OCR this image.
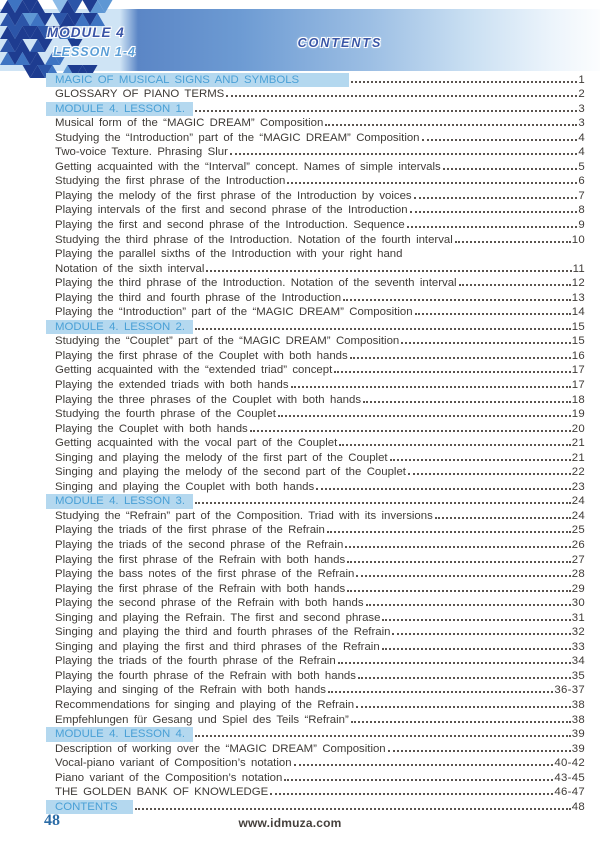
MODULE 4
LESSON 1-4
CONTENTS
MAGIC OF MUSICAL SIGNS AND SYMBOLS	1
GLOSSARY OF PIANO TERMS	2
MODULE 4. LESSON 1.	3
Musical form of the “MAGIC DREAM” Composition	3
Studying the “Introduction” part of the “MAGIC DREAM” Composition	4
Two-voice Texture. Phrasing Slur	4
Getting acquainted with the “Interval” concept. Names of simple intervals	5
Studying the first phrase of the Introduction	6
Playing the melody of the first phrase of the Introduction by voices	7
Playing intervals of the first and second phrase of the Introduction	8
Playing the first and second phrase of the Introduction. Sequence	9
Studying the third phrase of the Introduction. Notation of the fourth interval	10
Playing the parallel sixths of the Introduction with your right hand
Notation of the sixth interval	11
Playing the third phrase of the Introduction. Notation of the seventh interval	12
Playing the third and fourth phrase of the Introduction	13
Playing the “Introduction” part of the “MAGIC DREAM” Composition	14
MODULE 4. LESSON 2.	15
Studying the “Couplet” part of the “MAGIC DREAM” Composition	15
Playing the first phrase of the Couplet with both hands	16
Getting acquainted with the “extended triad” concept	17
Playing the extended triads with both hands	17
Playing the three phrases of the Couplet with both hands	18
Studying the fourth phrase of the Couplet	19
Playing the Couplet with both hands	20
Getting acquainted with the vocal part of the Couplet	21
Singing and playing the melody of the first part of the Couplet	21
Singing and playing the melody of the second part of the Couplet	22
Singing and playing the Couplet with both hands	23
MODULE 4. LESSON 3.	24
Studying the “Refrain” part of the Composition. Triad with its inversions	24
Playing the triads of the first phrase of the Refrain	25
Playing the triads of the second phrase of the Refrain	26
Playing the first phrase of the Refrain with both hands	27
Playing the bass notes of the first phrase of the Refrain	28
Playing the first phrase of the Refrain with both hands	29
Playing the second phrase of the Refrain with both hands	30
Singing and playing the Refrain. The first and second phrase	31
Singing and playing the third and fourth phrases of the Refrain	32
Singing and playing the first and third phrases of the Refrain	33
Playing the triads of the fourth phrase of the Refrain	34
Playing the fourth phrase of the Refrain with both hands	35
Playing and singing of the Refrain with both hands	36-37
Recommendations for singing and playing of the Refrain	38
Empfehlungen für Gesang und Spiel des Teils “Refrain”	38
MODULE 4. LESSON 4.	39
Description of working over the “MAGIC DREAM” Composition	39
Vocal-piano variant of Composition’s notation	40-42
Piano variant of the Composition’s notation	43-45
THE GOLDEN BANK OF KNOWLEDGE	46-47
CONTENTS	48
48	www.idmuza.com
